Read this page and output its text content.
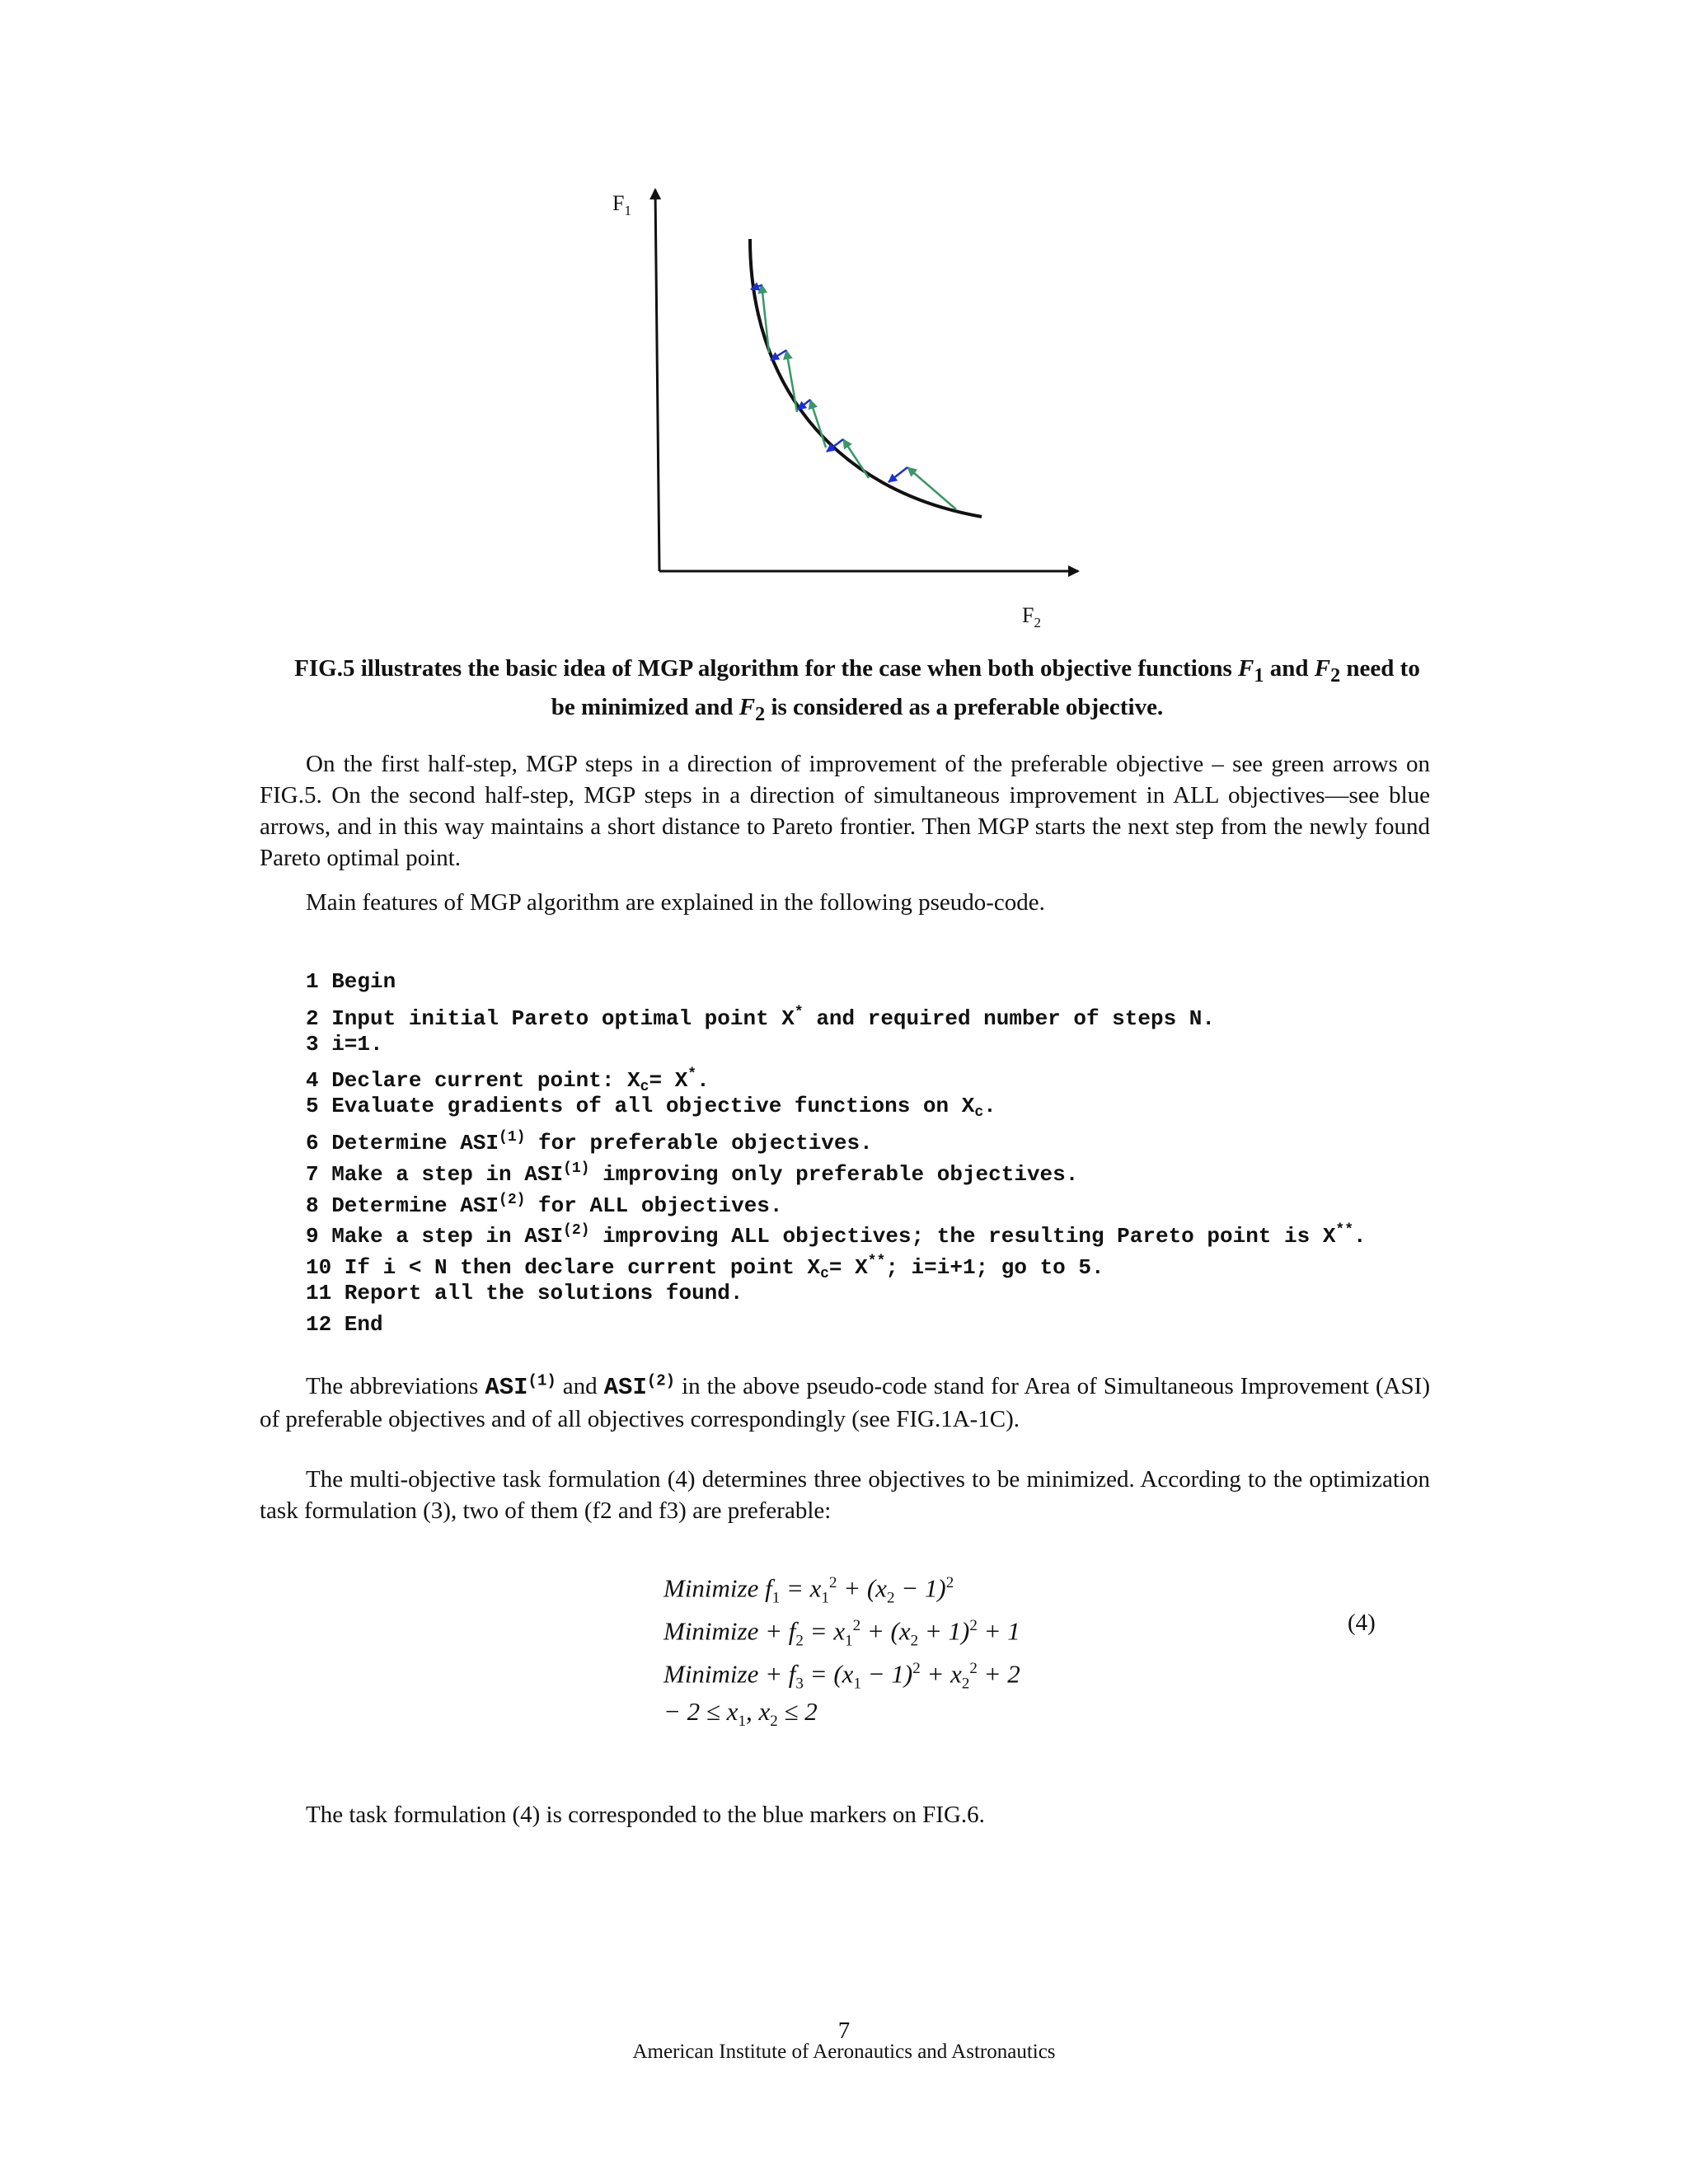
$F_1$
$F_2$
FIG.5 illustrates the basic idea of MGP algorithm for the case when both objective functions $F_1$ and $F_2$ need to be minimized and $F_2$ is considered as a preferable objective.
On the first half-step, MGP steps in a direction of improvement of the preferable objective – see green arrows on FIG.5. On the second half-step, MGP steps in a direction of simultaneous improvement in ALL objectives—see blue arrows, and in this way maintains a short distance to Pareto frontier. Then MGP starts the next step from the newly found Pareto optimal point.
Main features of MGP algorithm are explained in the following pseudo-code.
1 Begin
2 Input initial Pareto optimal point X* and required number of steps N.
3 i=1.
4 Declare current point: Xc= X*.
5 Evaluate gradients of all objective functions on Xc.
6 Determine ASI$^{(1)}$ for preferable objectives.
7 Make a step in ASI$^{(1)}$ improving only preferable objectives.
8 Determine ASI$^{(2)}$ for ALL objectives.
9 Make a step in ASI$^{(2)}$ improving ALL objectives; the resulting Pareto point is X**.
10 If i < N then declare current point Xc= X**; i=i+1; go to 5.
11 Report all the solutions found.
12 End
The abbreviations ASI$^{(1)}$ and ASI$^{(2)}$ in the above pseudo-code stand for Area of Simultaneous Improvement (ASI) of preferable objectives and of all objectives correspondingly (see FIG.1A-1C).
The multi-objective task formulation (4) determines three objectives to be minimized. According to the optimization task formulation (3), two of them (f2 and f3) are preferable:
Minimize $f_1 = x_1^2 + (x_2 - 1)^2$
Minimize + $f_2 = x_1^2 + (x_2 + 1)^2 + 1$
Minimize + $f_3 = (x_1 - 1)^2 + x_2^2 + 2$
− $2 \le x_1$, $x_2 \le 2$
(4)
The task formulation (4) is corresponded to the blue markers on FIG.6.
7
American Institute of Aeronautics and Astronautics
